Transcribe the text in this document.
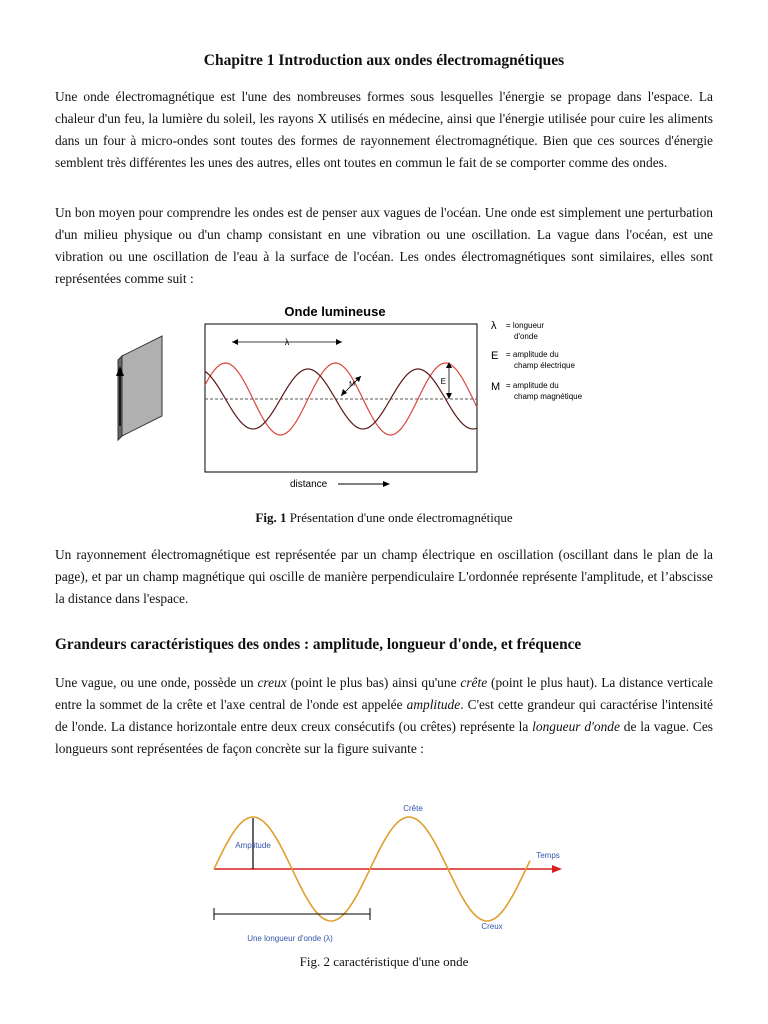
Chapitre 1 Introduction aux ondes électromagnétiques

Une onde électromagnétique est l'une des nombreuses formes sous lesquelles l'énergie se propage dans l'espace. La chaleur d'un feu, la lumière du soleil, les rayons X utilisés en médecine, ainsi que l'énergie utilisée pour cuire les aliments dans un four à micro-ondes sont toutes des formes de rayonnement électromagnétique. Bien que ces sources d'énergie semblent très différentes les unes des autres, elles ont toutes en commun le fait de se comporter comme des ondes.

Un bon moyen pour comprendre les ondes est de penser aux vagues de l'océan. Une onde est simplement une perturbation d'un milieu physique ou d'un champ consistant en une vibration ou une oscillation. La vague dans l'océan, est une vibration ou une oscillation de l'eau à la surface de l'océan. Les ondes électromagnétiques sont similaires, elles sont représentées comme suit :

Onde lumineuse
λ
E
M
distance
λ = longueur
d'onde
E = amplitude du
champ électrique
M = amplitude du
champ magnétique
Fig. 1 Présentation d'une onde électromagnétique

Un rayonnement électromagnétique est représentée par un champ électrique en oscillation (oscillant dans le plan de la page), et par un champ magnétique qui oscille de manière perpendiculaire L'ordonnée représente l'amplitude, et l’abscisse la distance dans l'espace.

Grandeurs caractéristiques des ondes : amplitude, longueur d'onde, et fréquence

Une vague, ou une onde, possède un creux (point le plus bas) ainsi qu'une crête (point le plus haut). La distance verticale entre la sommet de la crête et l'axe central de l'onde est appelée amplitude. C'est cette grandeur qui caractérise l'intensité de l'onde. La distance horizontale entre deux creux consécutifs (ou crêtes) représente la longueur d'onde de la vague. Ces longueurs sont représentées de façon concrète sur la figure suivante :

Amplitude
Crête
Temps
Creux
Une longueur d'onde (λ)
Fig. 2 caractéristique d'une onde
